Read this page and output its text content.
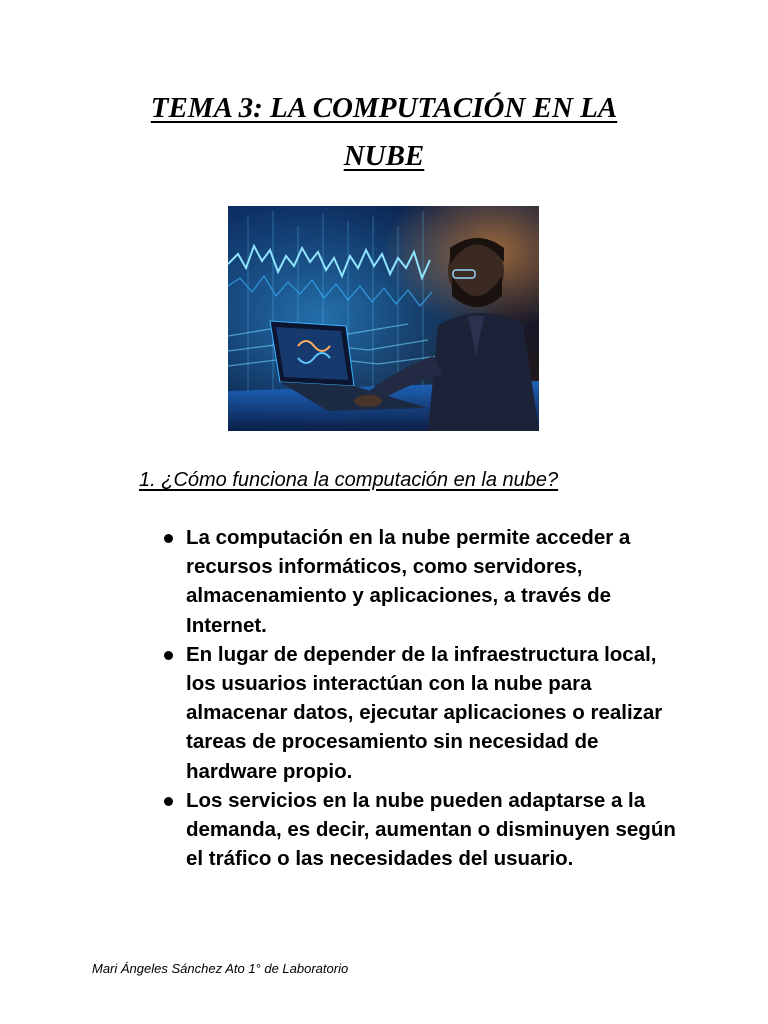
TEMA 3: LA COMPUTACIÓN EN LA
NUBE
1. ¿Cómo funciona la computación en la nube?
La computación en la nube permite acceder a recursos informáticos, como servidores, almacenamiento y aplicaciones, a través de Internet.
En lugar de depender de la infraestructura local, los usuarios interactúan con la nube para almacenar datos, ejecutar aplicaciones o realizar tareas de procesamiento sin necesidad de hardware propio.
Los servicios en la nube pueden adaptarse a la demanda, es decir, aumentan o disminuyen según el tráfico o las necesidades del usuario.
Mari Ángeles Sánchez Ato 1° de Laboratorio
